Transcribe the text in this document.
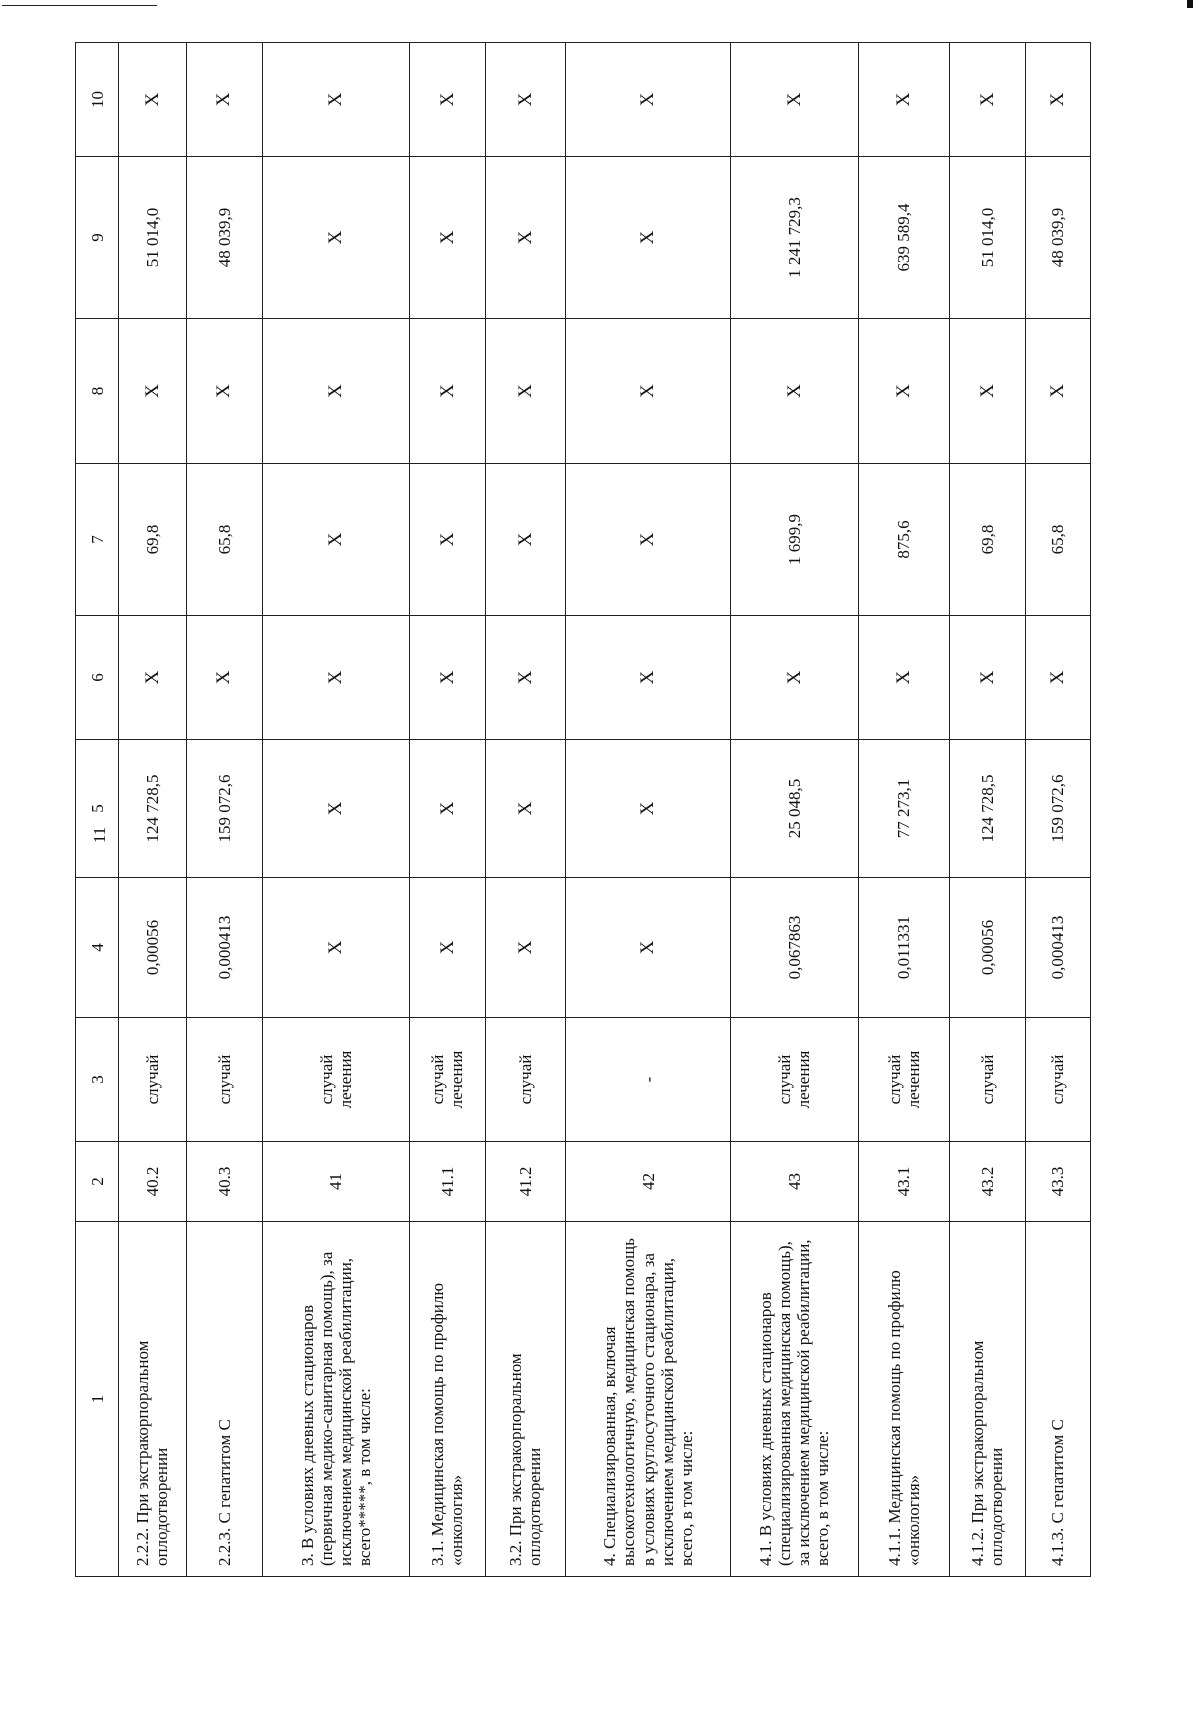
11
1	2	3	4	5	6	7	8	9	10
2.2.2. При экстракорпоральном оплодотворении	40.2	случай	0,00056	124 728,5	Х	69,8	Х	51 014,0	Х
2.2.3. С гепатитом С	40.3	случай	0,000413	159 072,6	Х	65,8	Х	48 039,9	Х
3. В условиях дневных стационаров (первичная медико-санитарная помощь), за исключением медицинской реабилитации, всего*****, в том числе:	41	случай лечения	Х	Х	Х	Х	Х	Х	Х
3.1. Медицинская помощь по профилю «онкология»	41.1	случай лечения	Х	Х	Х	Х	Х	Х	Х
3.2. При экстракорпоральном оплодотворении	41.2	случай	Х	Х	Х	Х	Х	Х	Х
4. Специализированная, включая высокотехнологичную, медицинская помощь в условиях круглосуточного стационара, за исключением медицинской реабилитации, всего, в том числе:	42	-	Х	Х	Х	Х	Х	Х	Х
4.1. В условиях дневных стационаров (специализированная медицинская помощь), за исключением медицинской реабилитации, всего, в том числе:	43	случай лечения	0,067863	25 048,5	Х	1 699,9	Х	1 241 729,3	Х
4.1.1. Медицинская помощь по профилю «онкология»	43.1	случай лечения	0,011331	77 273,1	Х	875,6	Х	639 589,4	Х
4.1.2. При экстракорпоральном оплодотворении	43.2	случай	0,00056	124 728,5	Х	69,8	Х	51 014,0	Х
4.1.3. С гепатитом С	43.3	случай	0,000413	159 072,6	Х	65,8	Х	48 039,9	Х
